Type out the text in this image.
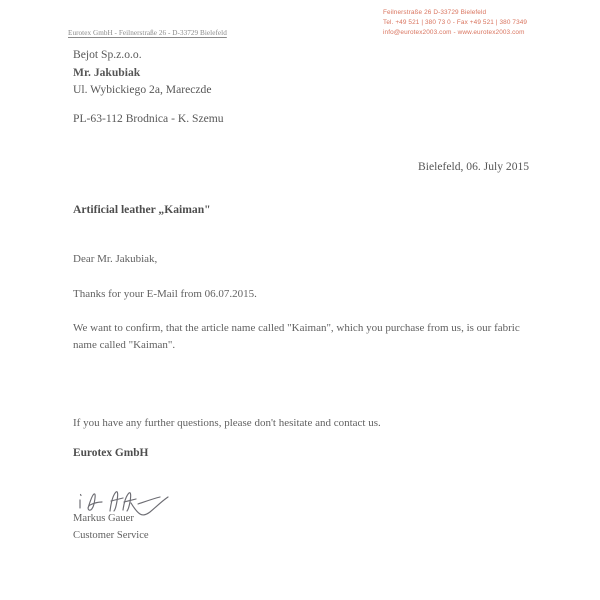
Eurotex GmbH - Feilnerstraße 26 - D-33729 Bielefeld
Feilnerstraße 26 D-33729 Bielefeld
Tel. +49 521 | 380 73 0 - Fax +49 521 | 380 7349
info@eurotex2003.com - www.eurotex2003.com
Bejot Sp.z.o.o.
Mr. Jakubiak
Ul. Wybickiego 2a, Mareczde
PL-63-112 Brodnica - K. Szemu
Bielefeld, 06. July 2015
Artificial leather „Kaiman"
Dear Mr. Jakubiak,
Thanks for your E-Mail from 06.07.2015.
We want to confirm, that the article name called "Kaiman", which you purchase from us, is our fabric name called "Kaiman".
If you have any further questions, please don't hesitate and contact us.
Eurotex GmbH
Markus Gauer
Customer Service
